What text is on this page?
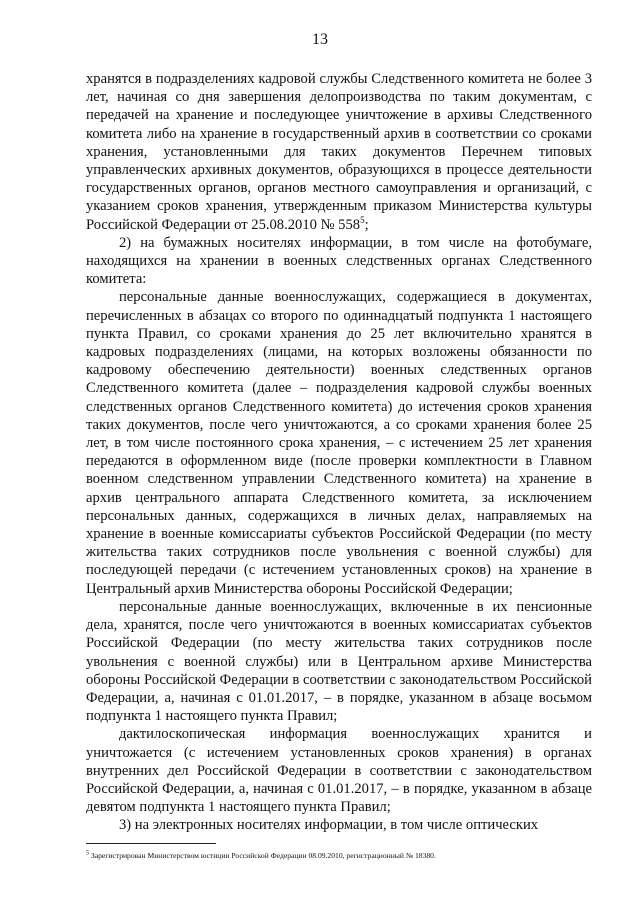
13

хранятся в подразделениях кадровой службы Следственного комитета не более 3 лет, начиная со дня завершения делопроизводства по таким документам, с передачей на хранение и последующее уничтожение в архивы Следственного комитета либо на хранение в государственный архив в соответствии со сроками хранения, установленными для таких документов Перечнем типовых управленческих архивных документов, образующихся в процессе деятельности государственных органов, органов местного самоуправления и организаций, с указанием сроков хранения, утвержденным приказом Министерства культуры Российской Федерации от 25.08.2010 № $558^5$;

2) на бумажных носителях информации, в том числе на фотобумаге, находящихся на хранении в военных следственных органах Следственного комитета:

персональные данные военнослужащих, содержащиеся в документах, перечисленных в абзацах со второго по одиннадцатый подпункта 1 настоящего пункта Правил, со сроками хранения до 25 лет включительно хранятся в кадровых подразделениях (лицами, на которых возложены обязанности по кадровому обеспечению деятельности) военных следственных органов Следственного комитета (далее – подразделения кадровой службы военных следственных органов Следственного комитета) до истечения сроков хранения таких документов, после чего уничтожаются, а со сроками хранения более 25 лет, в том числе постоянного срока хранения, – с истечением 25 лет хранения передаются в оформленном виде (после проверки комплектности в Главном военном следственном управлении Следственного комитета) на хранение в архив центрального аппарата Следственного комитета, за исключением персональных данных, содержащихся в личных делах, направляемых на хранение в военные комиссариаты субъектов Российской Федерации (по месту жительства таких сотрудников после увольнения с военной службы) для последующей передачи (с истечением установленных сроков) на хранение в Центральный архив Министерства обороны Российской Федерации;

персональные данные военнослужащих, включенные в их пенсионные дела, хранятся, после чего уничтожаются в военных комиссариатах субъектов Российской Федерации (по месту жительства таких сотрудников после увольнения с военной службы) или в Центральном архиве Министерства обороны Российской Федерации в соответствии с законодательством Российской Федерации, а, начиная с 01.01.2017, – в порядке, указанном в абзаце восьмом подпункта 1 настоящего пункта Правил;

дактилоскопическая информация военнослужащих хранится и уничтожается (с истечением установленных сроков хранения) в органах внутренних дел Российской Федерации в соответствии с законодательством Российской Федерации, а, начиная с 01.01.2017, – в порядке, указанном в абзаце девятом подпункта 1 настоящего пункта Правил;

3) на электронных носителях информации, в том числе оптических

$^5$ Зарегистрирован Министерством юстиции Российской Федерации 08.09.2010, регистрационный № 18380.
